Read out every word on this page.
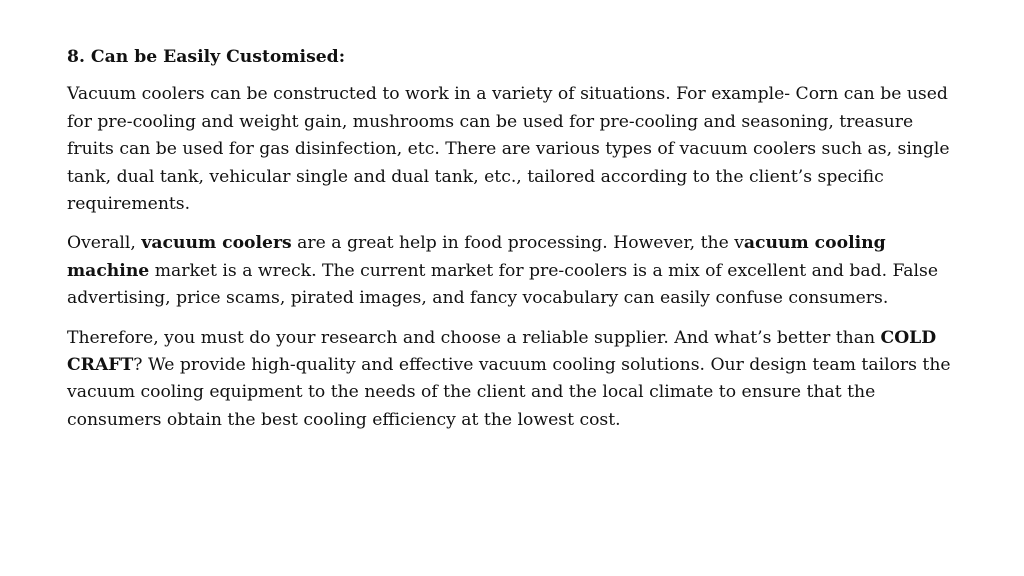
8. Can be Easily Customised:

Vacuum coolers can be constructed to work in a variety of situations. For example- Corn can be used for pre-cooling and weight gain, mushrooms can be used for pre-cooling and seasoning, treasure fruits can be used for gas disinfection, etc. There are various types of vacuum coolers such as, single tank, dual tank, vehicular single and dual tank, etc., tailored according to the client’s specific requirements.

Overall, vacuum coolers are a great help in food processing. However, the vacuum cooling machine market is a wreck. The current market for pre-coolers is a mix of excellent and bad. False advertising, price scams, pirated images, and fancy vocabulary can easily confuse consumers.

Therefore, you must do your research and choose a reliable supplier. And what’s better than COLD CRAFT? We provide high-quality and effective vacuum cooling solutions. Our design team tailors the vacuum cooling equipment to the needs of the client and the local climate to ensure that the consumers obtain the best cooling efficiency at the lowest cost.
